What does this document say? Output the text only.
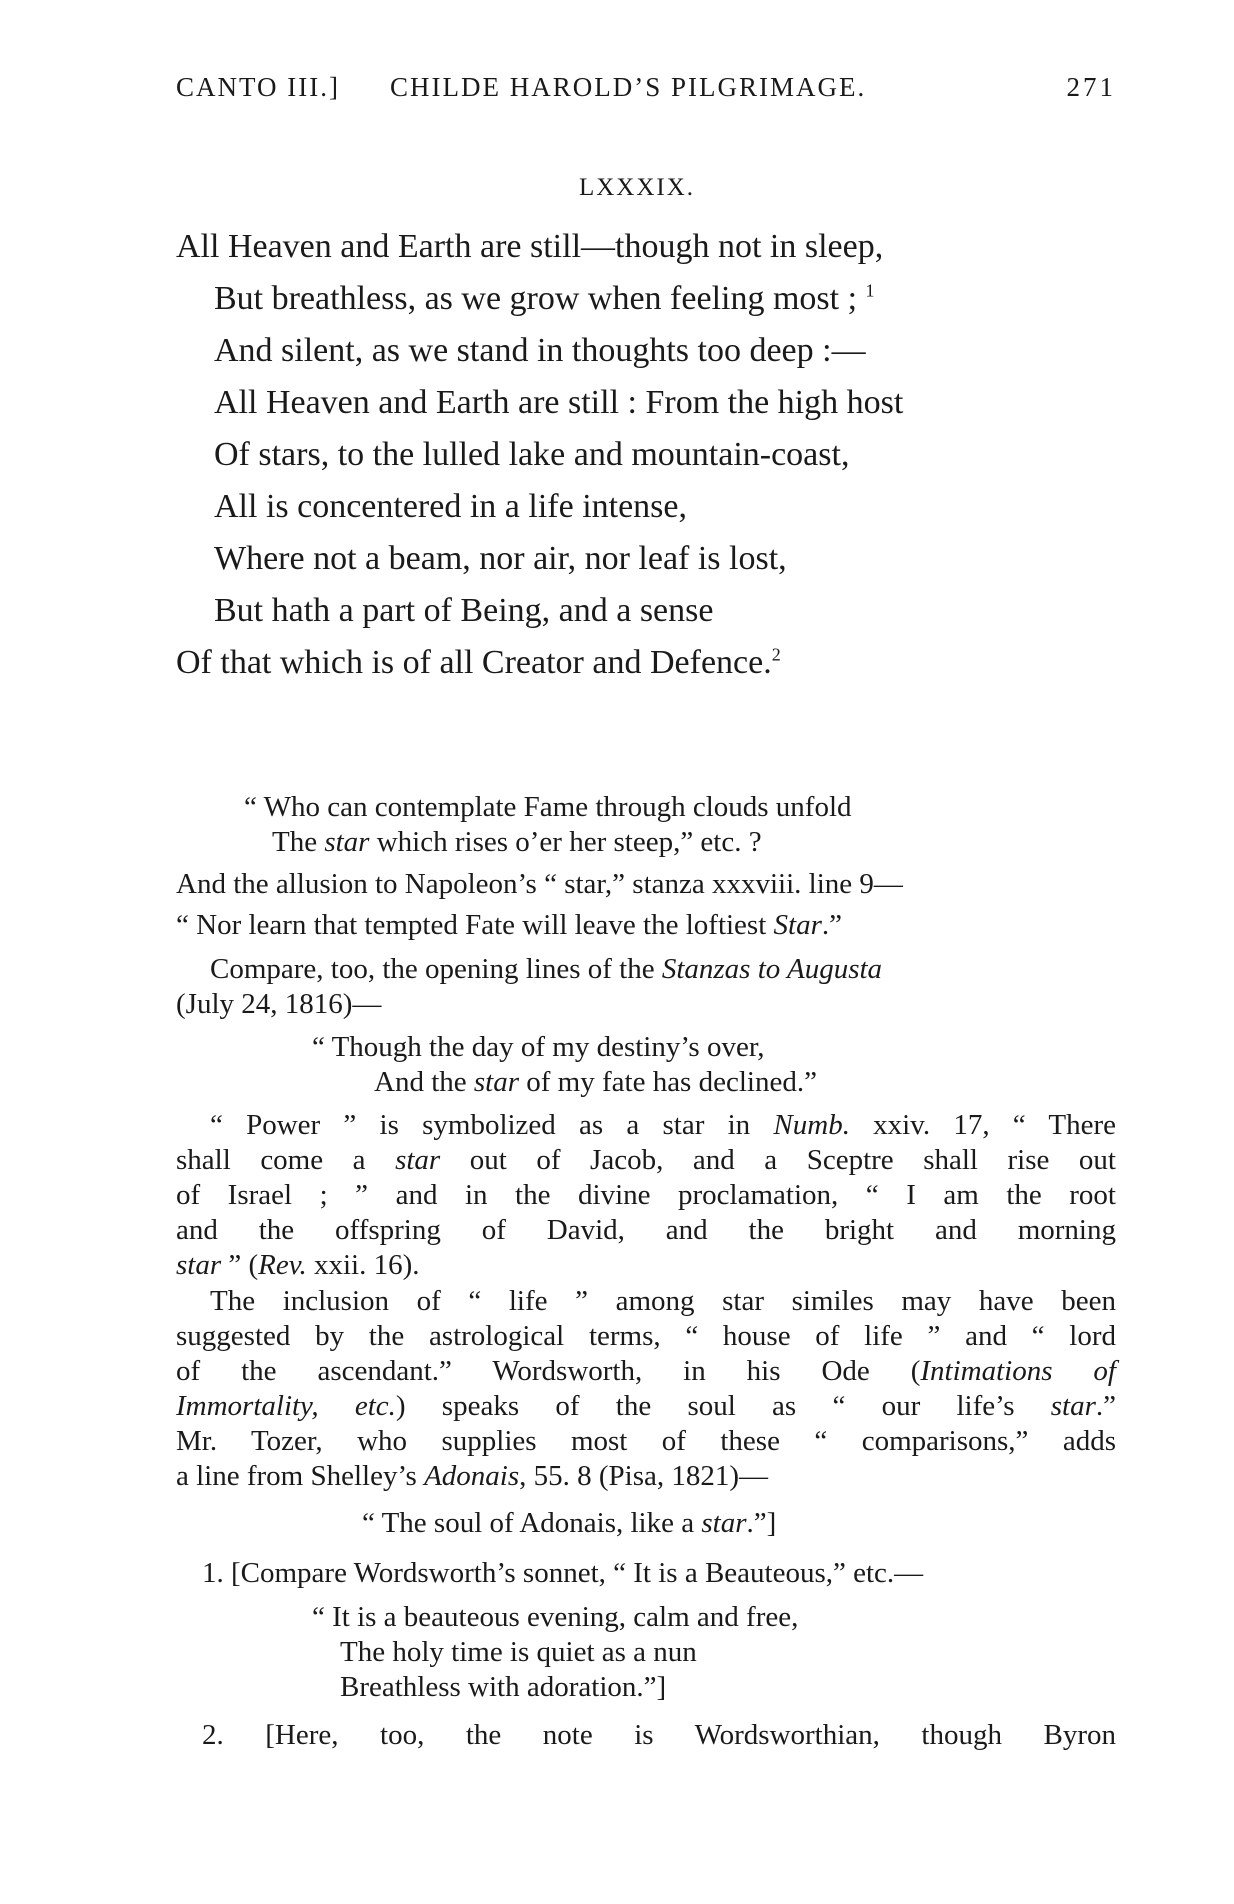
CANTO III.] CHILDE HAROLD’S PILGRIMAGE.	271
LXXXIX.
All Heaven and Earth are still—though not in sleep,
But breathless, as we grow when feeling most ; $^1$
And silent, as we stand in thoughts too deep :—
All Heaven and Earth are still : From the high host
Of stars, to the lulled lake and mountain-coast,
All is concentered in a life intense,
Where not a beam, nor air, nor leaf is lost,
But hath a part of Being, and a sense
Of that which is of all Creator and Defence.$^2$
“ Who can contemplate Fame through clouds unfold
The star which rises o’er her steep,” etc. ?
And the allusion to Napoleon’s “ star,” stanza xxxviii. line 9—
“ Nor learn that tempted Fate will leave the loftiest Star.”
Compare, too, the opening lines of the Stanzas to Augusta
(July 24, 1816)—
“ Though the day of my destiny’s over,
And the star of my fate has declined.”
“ Power ” is symbolized as a star in Numb. xxiv. 17, “ There
shall come a star out of Jacob, and a Sceptre shall rise out
of Israel ; ” and in the divine proclamation, “ I am the root
and the offspring of David, and the bright and morning
star ” (Rev. xxii. 16).
The inclusion of “ life ” among star similes may have been
suggested by the astrological terms, “ house of life ” and “ lord
of the ascendant.” Wordsworth, in his Ode (Intimations of
Immortality, etc.) speaks of the soul as “ our life’s star.”
Mr. Tozer, who supplies most of these “ comparisons,” adds
a line from Shelley’s Adonais, 55. 8 (Pisa, 1821)—
“ The soul of Adonais, like a star.”]
1. [Compare Wordsworth’s sonnet, “ It is a Beauteous,” etc.—
“ It is a beauteous evening, calm and free,
The holy time is quiet as a nun
Breathless with adoration.”]
2. [Here, too, the note is Wordsworthian, though Byron
